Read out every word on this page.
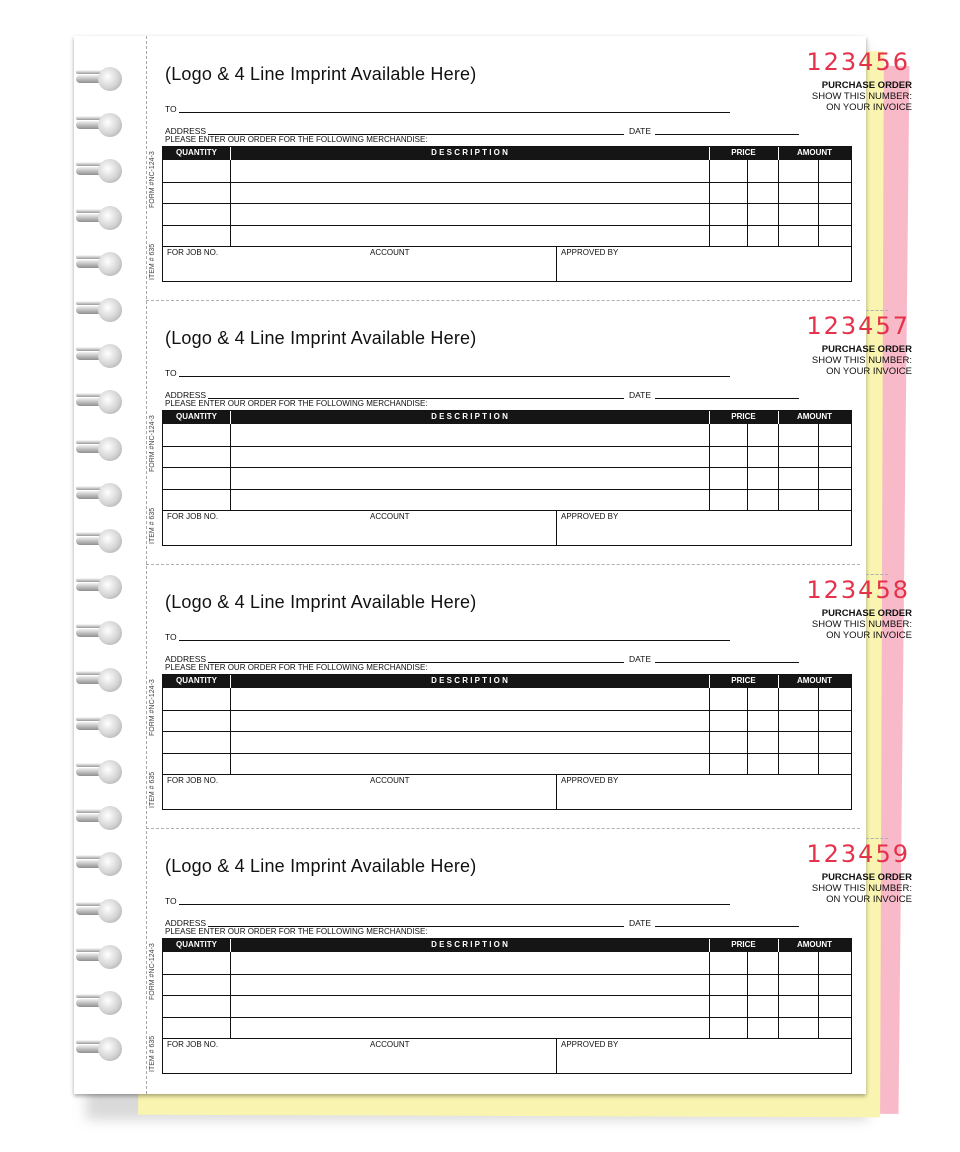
(Logo & 4 Line Imprint Available Here)	123456
PURCHASE ORDER
SHOW THIS NUMBER:
ON YOUR INVOICE
TO
ADDRESS	DATE
PLEASE ENTER OUR ORDER FOR THE FOLLOWING MERCHANDISE:
QUANTITY	D E S C R I P T I O N	PRICE	AMOUNT
FOR JOB NO.	ACCOUNT	APPROVED BY
FORM #NC-124-3
ITEM # 635
(Logo & 4 Line Imprint Available Here)	123457
PURCHASE ORDER
SHOW THIS NUMBER:
ON YOUR INVOICE
TO
ADDRESS	DATE
PLEASE ENTER OUR ORDER FOR THE FOLLOWING MERCHANDISE:
QUANTITY	D E S C R I P T I O N	PRICE	AMOUNT
FOR JOB NO.	ACCOUNT	APPROVED BY
FORM #NC-124-3
ITEM # 635
(Logo & 4 Line Imprint Available Here)	123458
PURCHASE ORDER
SHOW THIS NUMBER:
ON YOUR INVOICE
TO
ADDRESS	DATE
PLEASE ENTER OUR ORDER FOR THE FOLLOWING MERCHANDISE:
QUANTITY	D E S C R I P T I O N	PRICE	AMOUNT
FOR JOB NO.	ACCOUNT	APPROVED BY
FORM #NC-124-3
ITEM # 635
(Logo & 4 Line Imprint Available Here)	123459
PURCHASE ORDER
SHOW THIS NUMBER:
ON YOUR INVOICE
TO
ADDRESS	DATE
PLEASE ENTER OUR ORDER FOR THE FOLLOWING MERCHANDISE:
QUANTITY	D E S C R I P T I O N	PRICE	AMOUNT
FOR JOB NO.	ACCOUNT	APPROVED BY
FORM #NC-124-3
ITEM # 635
